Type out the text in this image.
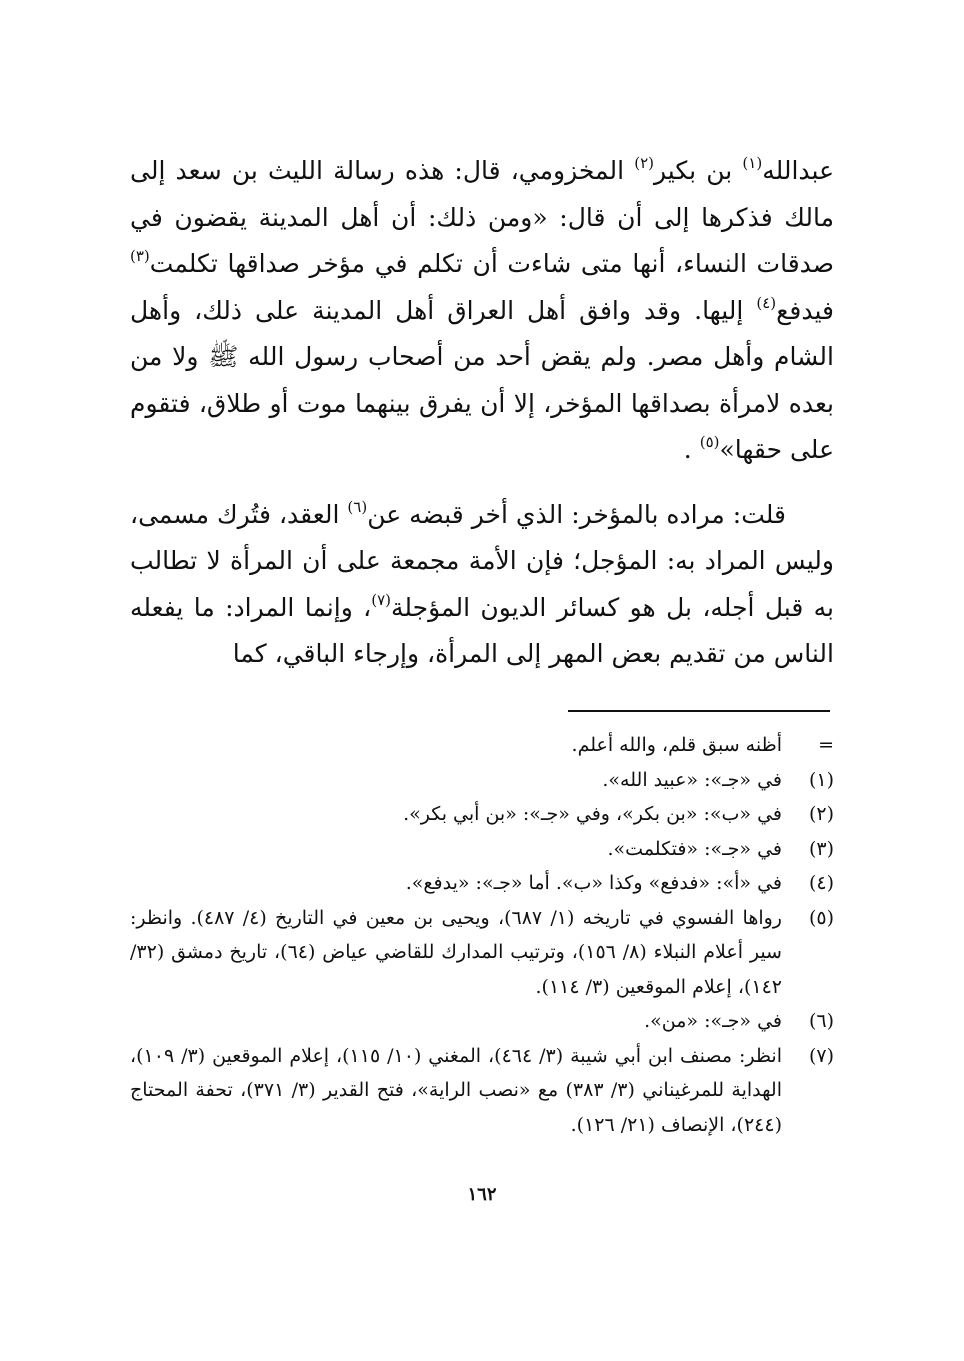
عبدالله$^{(١)}$ بن بكير$^{(٢)}$ المخزومي، قال: هذه رسالة الليث بن سعد إلى مالك فذكرها إلى أن قال: «ومن ذلك: أن أهل المدينة يقضون في صدقات النساء، أنها متى شاءت أن تكلم في مؤخر صداقها تكلمت$^{(٣)}$ فيدفع$^{(٤)}$ إليها. وقد وافق أهل العراق أهل المدينة على ذلك، وأهل الشام وأهل مصر. ولم يقض أحد من أصحاب رسول الله ﷺ ولا من بعده لامرأة بصداقها المؤخر، إلا أن يفرق بينهما موت أو طلاق، فتقوم على حقها»$^{(٥)}$ .

قلت: مراده بالمؤخر: الذي أخر قبضه عن$^{(٦)}$ العقد، فتُرك مسمى، وليس المراد به: المؤجل؛ فإن الأمة مجمعة على أن المرأة لا تطالب به قبل أجله، بل هو كسائر الديون المؤجلة$^{(٧)}$، وإنما المراد: ما يفعله الناس من تقديم بعض المهر إلى المرأة، وإرجاء الباقي، كما

=
أظنه سبق قلم، والله أعلم.
(١)
في «جـ»: «عبيد الله».
(٢)
في «ب»: «بن بكر»، وفي «جـ»: «بن أبي بكر».
(٣)
في «جـ»: «فتكلمت».
(٤)
في «أ»: «فدفع» وكذا «ب». أما «جـ»: «يدفع».
(٥)
رواها الفسوي في تاريخه (١/ ٦٨٧)، ويحيى بن معين في التاريخ (٤/ ٤٨٧). وانظر: سير أعلام النبلاء (٨/ ١٥٦)، وترتيب المدارك للقاضي عياض (٦٤)، تاريخ دمشق (٣٢/ ١٤٢)، إعلام الموقعين (٣/ ١١٤).
(٦)
في «جـ»: «من».
(٧)
انظر: مصنف ابن أبي شيبة (٣/ ٤٦٤)، المغني (١٠/ ١١٥)، إعلام الموقعين (٣/ ١٠٩)، الهداية للمرغيناني (٣/ ٣٨٣) مع «نصب الراية»، فتح القدير (٣/ ٣٧١)، تحفة المحتاج (٢٤٤)، الإنصاف (٢١/ ١٢٦).
١٦٢
